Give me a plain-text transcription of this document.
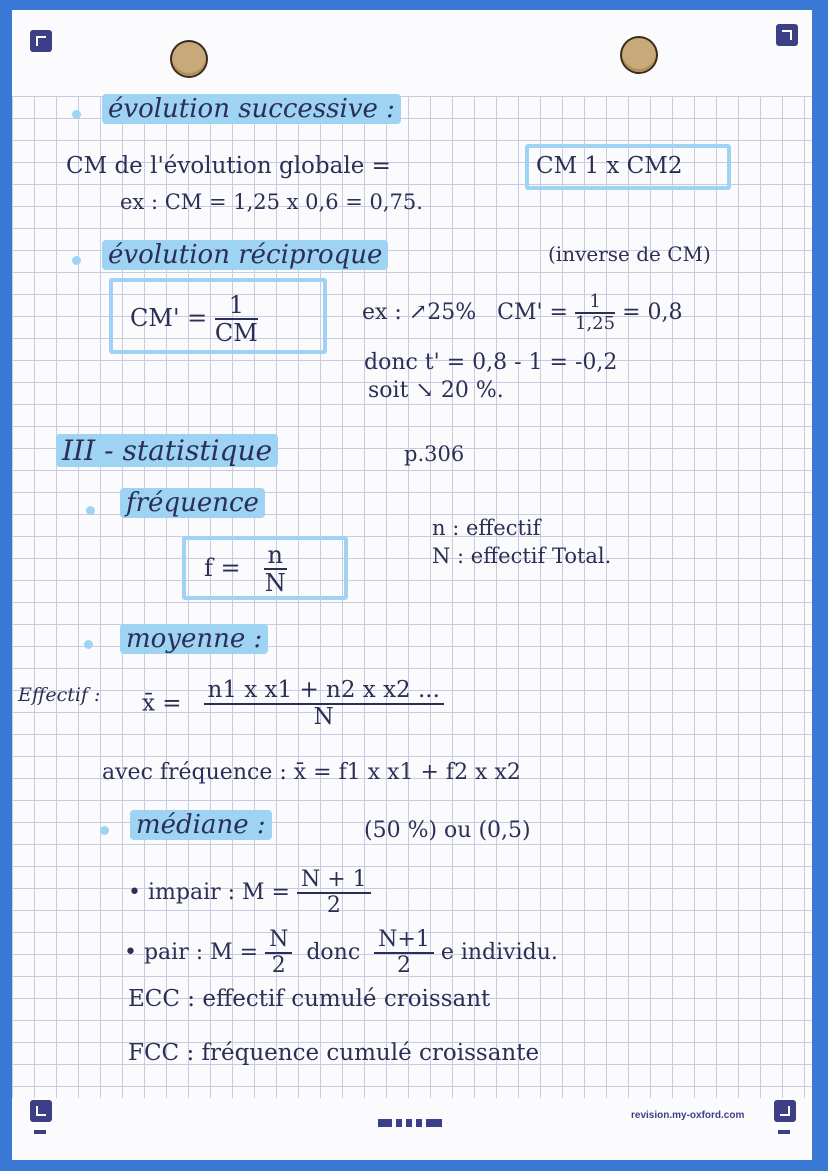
évolution successive :
CM de l'évolution globale =	CM 1 x CM2
ex : CM = 1,25 x 0,6 = 0,75.
évolution réciproque	(inverse de CM)
$CM' = \frac{1}{CM}$	ex : ↗25% $CM' = \frac{1}{1,25} = 0,8$
donc t' = 0,8 - 1 = -0,2
soit ↘ 20 %.
III - statistique	p.306
fréquence
$f = \frac{n}{N}$
n : effectif
N : effectif Total.
moyenne :
Effectif : x̄ = $\frac{\text{n1 x x1 + n2 x x2 ...}}{N}$
avec fréquence : x̄ = f1 x x1 + f2 x x2
médiane :	(50 %) ou (0,5)
• impair : $M = \frac{N + 1}{2}$
• pair : $M = \frac{N}{2}$ donc $\frac{N+1}{2}$ e individu.
ECC : effectif cumulé croissant
FCC : fréquence cumulé croissante
revision.my-oxford.com
